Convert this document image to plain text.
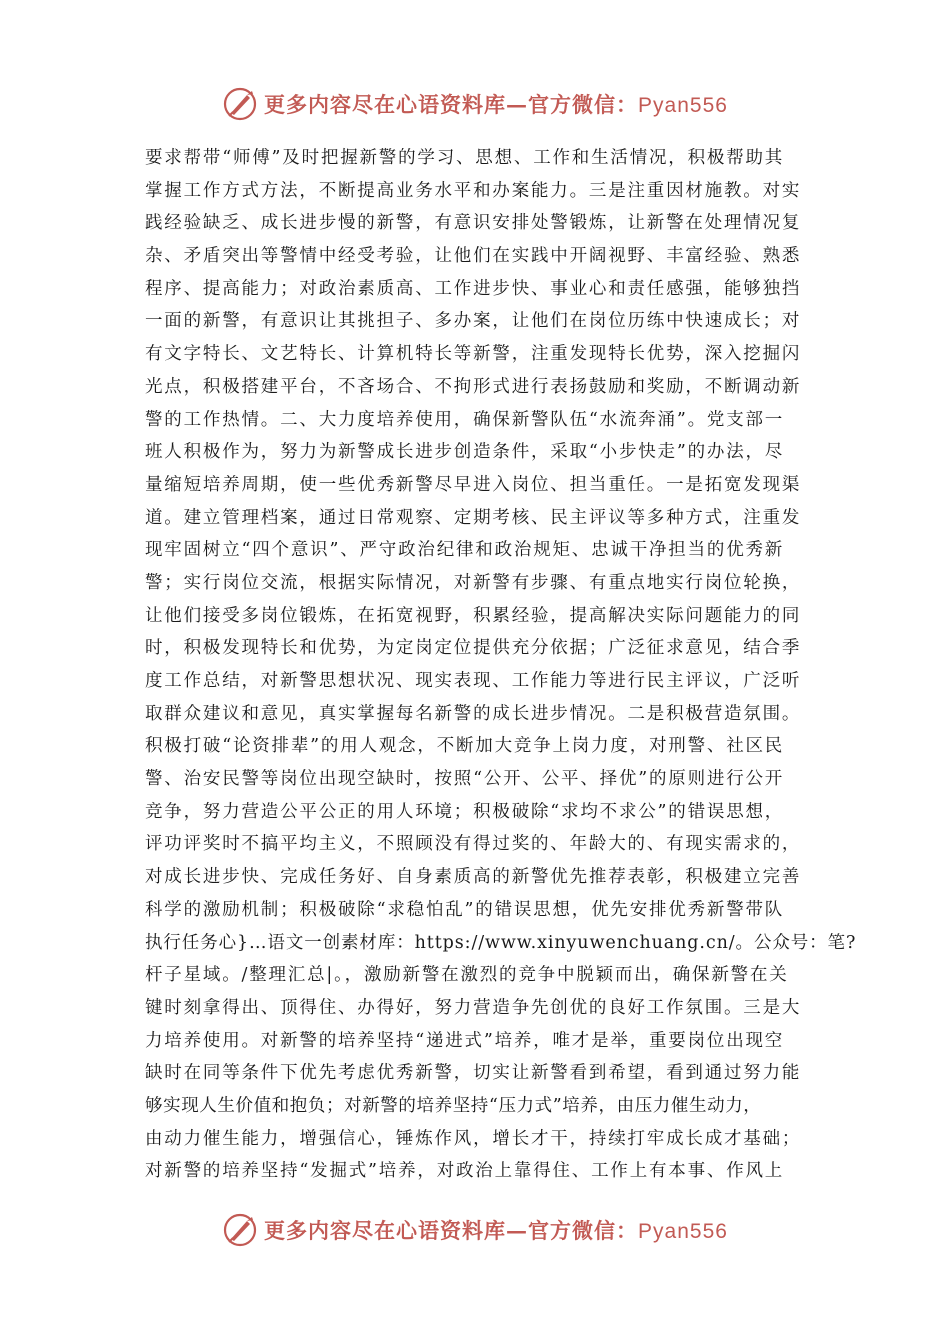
更多内容尽在心语资料库—官方微信：Pyan556
要求帮带“师傅”及时把握新警的学习、思想、工作和生活情况，积极帮助其
掌握工作方式方法，不断提高业务水平和办案能力。三是注重因材施教。对实
践经验缺乏、成长进步慢的新警，有意识安排处警锻炼，让新警在处理情况复
杂、矛盾突出等警情中经受考验，让他们在实践中开阔视野、丰富经验、熟悉
程序、提高能力；对政治素质高、工作进步快、事业心和责任感强，能够独挡
一面的新警，有意识让其挑担子、多办案，让他们在岗位历练中快速成长；对
有文字特长、文艺特长、计算机特长等新警，注重发现特长优势，深入挖掘闪
光点，积极搭建平台，不吝场合、不拘形式进行表扬鼓励和奖励，不断调动新
警的工作热情。二、大力度培养使用，确保新警队伍“水流奔涌”。党支部一
班人积极作为，努力为新警成长进步创造条件，采取“小步快走”的办法，尽
量缩短培养周期，使一些优秀新警尽早进入岗位、担当重任。一是拓宽发现渠
道。建立管理档案，通过日常观察、定期考核、民主评议等多种方式，注重发
现牢固树立“四个意识”、严守政治纪律和政治规矩、忠诚干净担当的优秀新
警；实行岗位交流，根据实际情况，对新警有步骤、有重点地实行岗位轮换，
让他们接受多岗位锻炼，在拓宽视野，积累经验，提高解决实际问题能力的同
时，积极发现特长和优势，为定岗定位提供充分依据；广泛征求意见，结合季
度工作总结，对新警思想状况、现实表现、工作能力等进行民主评议，广泛听
取群众建议和意见，真实掌握每名新警的成长进步情况。二是积极营造氛围。
积极打破“论资排辈”的用人观念，不断加大竞争上岗力度，对刑警、社区民
警、治安民警等岗位出现空缺时，按照“公开、公平、择优”的原则进行公开
竞争，努力营造公平公正的用人环境；积极破除“求均不求公”的错误思想，
评功评奖时不搞平均主义，不照顾没有得过奖的、年龄大的、有现实需求的，
对成长进步快、完成任务好、自身素质高的新警优先推荐表彰，积极建立完善
科学的激励机制；积极破除“求稳怕乱”的错误思想，优先安排优秀新警带队
执行任务心}…语文一创素材库：https://www.xinyuwenchuang.cn/。公众号：笔?
杆子星域。/整理汇总|。，激励新警在激烈的竞争中脱颖而出，确保新警在关
键时刻拿得出、顶得住、办得好，努力营造争先创优的良好工作氛围。三是大
力培养使用。对新警的培养坚持“递进式”培养，唯才是举，重要岗位出现空
缺时在同等条件下优先考虑优秀新警，切实让新警看到希望，看到通过努力能
够实现人生价值和抱负；对新警的培养坚持“压力式”培养，由压力催生动力，
由动力催生能力，增强信心，锤炼作风，增长才干，持续打牢成长成才基础；
对新警的培养坚持“发掘式”培养，对政治上靠得住、工作上有本事、作风上
更多内容尽在心语资料库—官方微信：Pyan556
